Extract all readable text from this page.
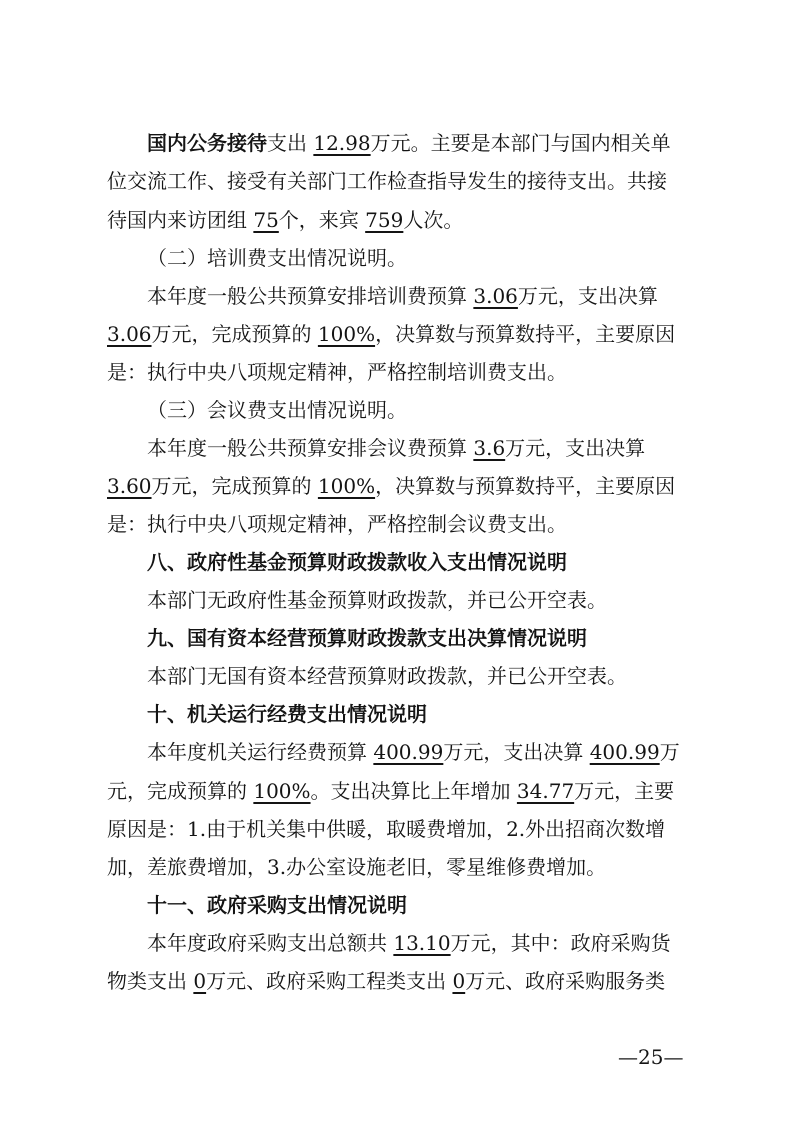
国内公务接待支出 12.98万元。主要是本部门与国内相关单
位交流工作、接受有关部门工作检查指导发生的接待支出。共接
待国内来访团组 75个，来宾 759人次。
（二）培训费支出情况说明。
本年度一般公共预算安排培训费预算 3.06万元，支出决算
3.06万元，完成预算的 100%，决算数与预算数持平，主要原因
是：执行中央八项规定精神，严格控制培训费支出。
（三）会议费支出情况说明。
本年度一般公共预算安排会议费预算 3.6万元，支出决算
3.60万元，完成预算的 100%，决算数与预算数持平，主要原因
是：执行中央八项规定精神，严格控制会议费支出。
八、政府性基金预算财政拨款收入支出情况说明
本部门无政府性基金预算财政拨款，并已公开空表。
九、国有资本经营预算财政拨款支出决算情况说明
本部门无国有资本经营预算财政拨款，并已公开空表。
十、机关运行经费支出情况说明
本年度机关运行经费预算 400.99万元，支出决算 400.99万
元，完成预算的 100%。支出决算比上年增加 34.77万元，主要
原因是：1.由于机关集中供暖，取暖费增加，2.外出招商次数增
加，差旅费增加，3.办公室设施老旧，零星维修费增加。
十一、政府采购支出情况说明
本年度政府采购支出总额共 13.10万元，其中：政府采购货
物类支出 0万元、政府采购工程类支出 0万元、政府采购服务类
—25—
